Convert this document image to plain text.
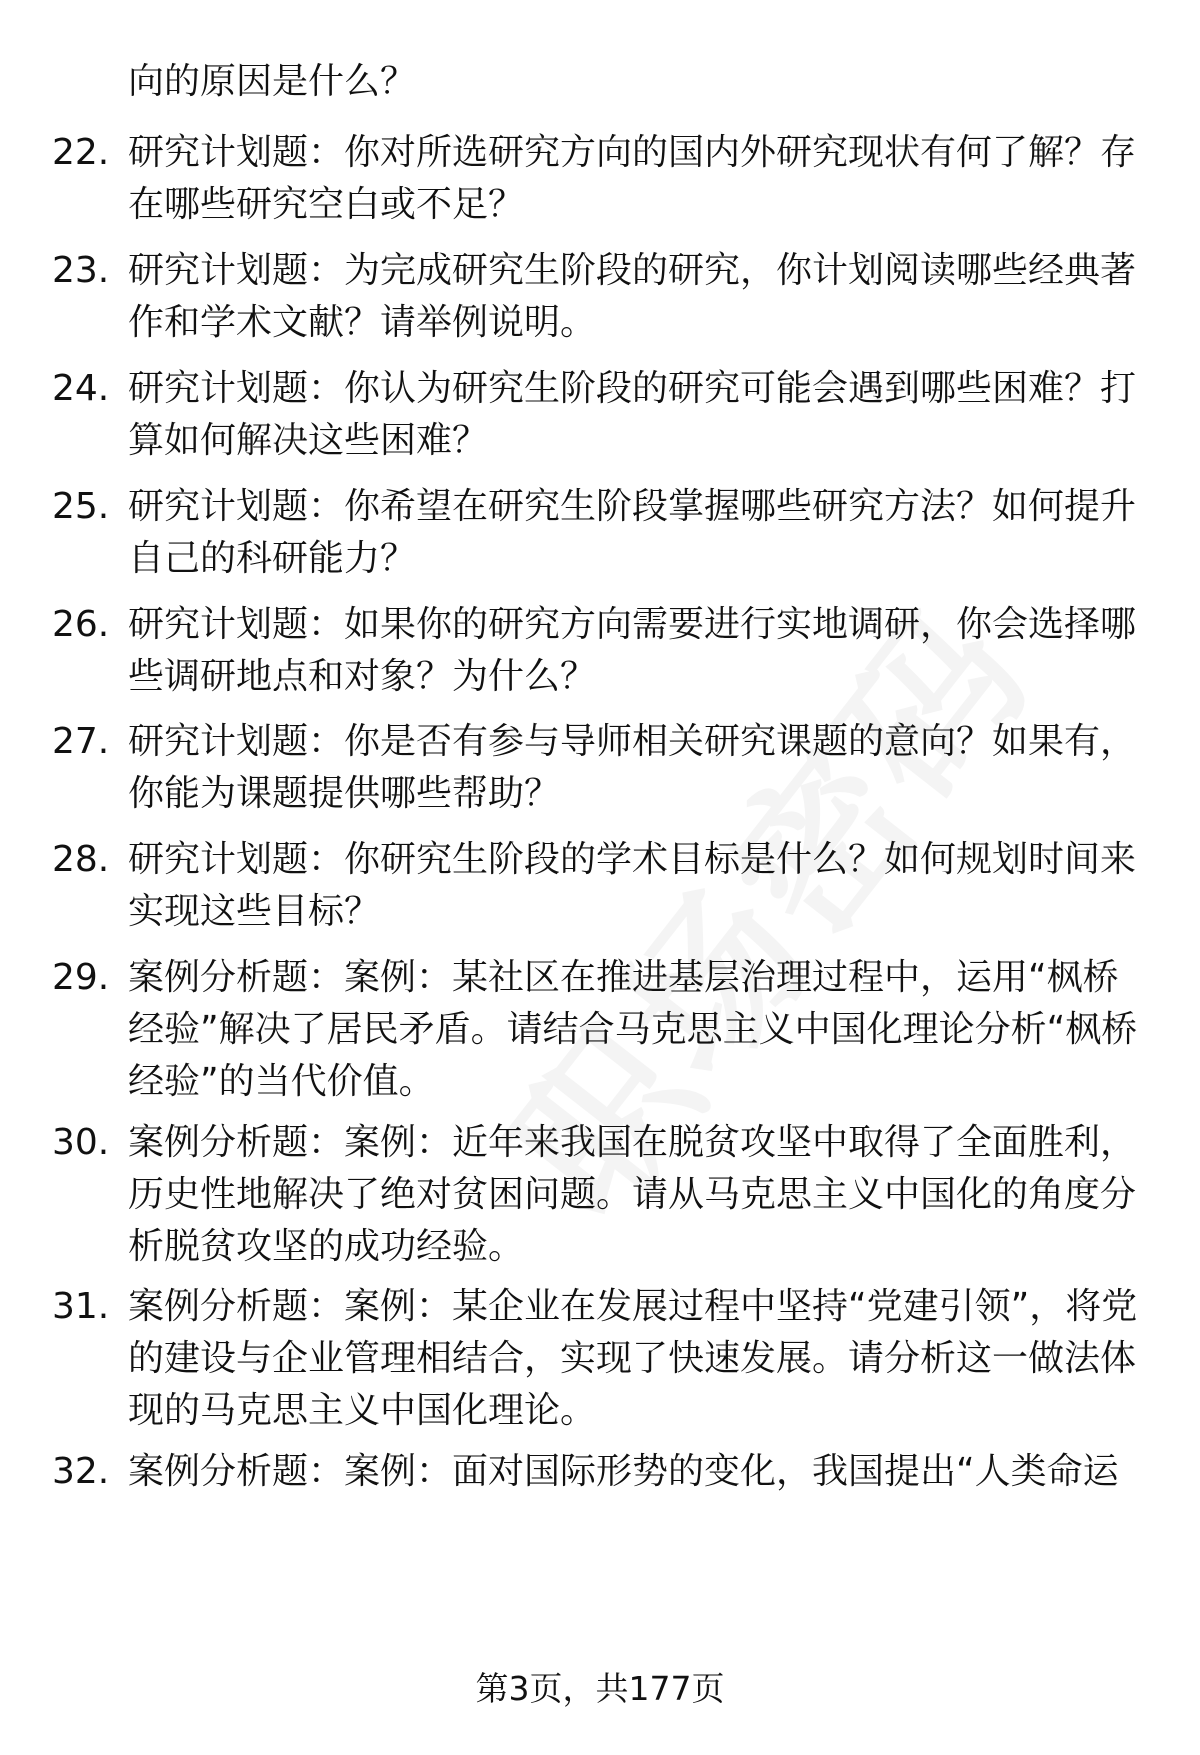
向的原因是什么？
22. 研究计划题：你对所选研究方向的国内外研究现状有何了解？存在哪些研究空白或不足？
23. 研究计划题：为完成研究生阶段的研究，你计划阅读哪些经典著作和学术文献？请举例说明。
24. 研究计划题：你认为研究生阶段的研究可能会遇到哪些困难？打算如何解决这些困难？
25. 研究计划题：你希望在研究生阶段掌握哪些研究方法？如何提升自己的科研能力？
26. 研究计划题：如果你的研究方向需要进行实地调研，你会选择哪些调研地点和对象？为什么？
27. 研究计划题：你是否有参与导师相关研究课题的意向？如果有，你能为课题提供哪些帮助？
28. 研究计划题：你研究生阶段的学术目标是什么？如何规划时间来实现这些目标？
29. 案例分析题：案例：某社区在推进基层治理过程中，运用“枫桥经验”解决了居民矛盾。请结合马克思主义中国化理论分析“枫桥经验”的当代价值。
30. 案例分析题：案例：近年来我国在脱贫攻坚中取得了全面胜利，历史性地解决了绝对贫困问题。请从马克思主义中国化的角度分析脱贫攻坚的成功经验。
31. 案例分析题：案例：某企业在发展过程中坚持“党建引领”，将党的建设与企业管理相结合，实现了快速发展。请分析这一做法体现的马克思主义中国化理论。
32. 案例分析题：案例：面对国际形势的变化，我国提出“人类命运
第3页，共177页
